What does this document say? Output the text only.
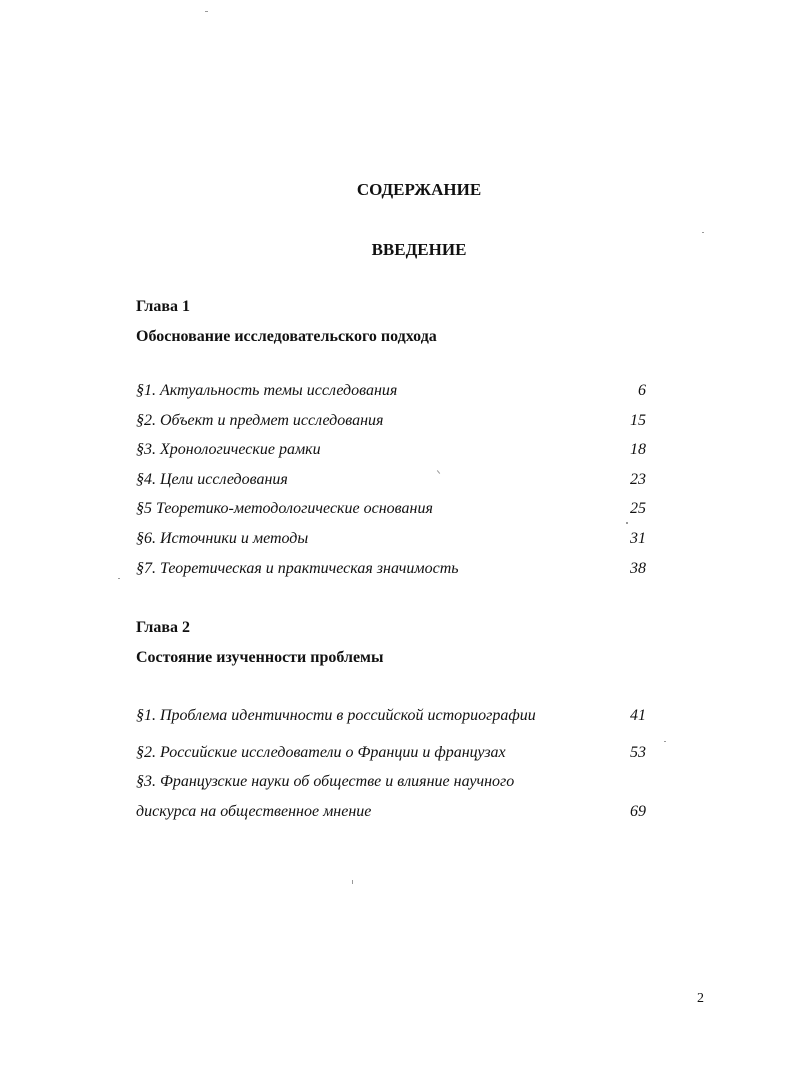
СОДЕРЖАНИЕ
ВВЕДЕНИЕ
Глава 1
Обоснование исследовательского подхода
§1. Актуальность темы исследования	6
§2. Объект и предмет исследования	15
§3. Хронологические рамки	18
§4. Цели исследования	23
§5 Теоретико-методологические основания	25
§6. Источники и методы	31
§7. Теоретическая и практическая значимость	38
Глава 2
Состояние изученности проблемы
§1. Проблема идентичности в российской историографии	41
§2. Российские исследователи о Франции и французах	53
§3. Французские науки об обществе и влияние научного
дискурса на общественное мнение	69
2
